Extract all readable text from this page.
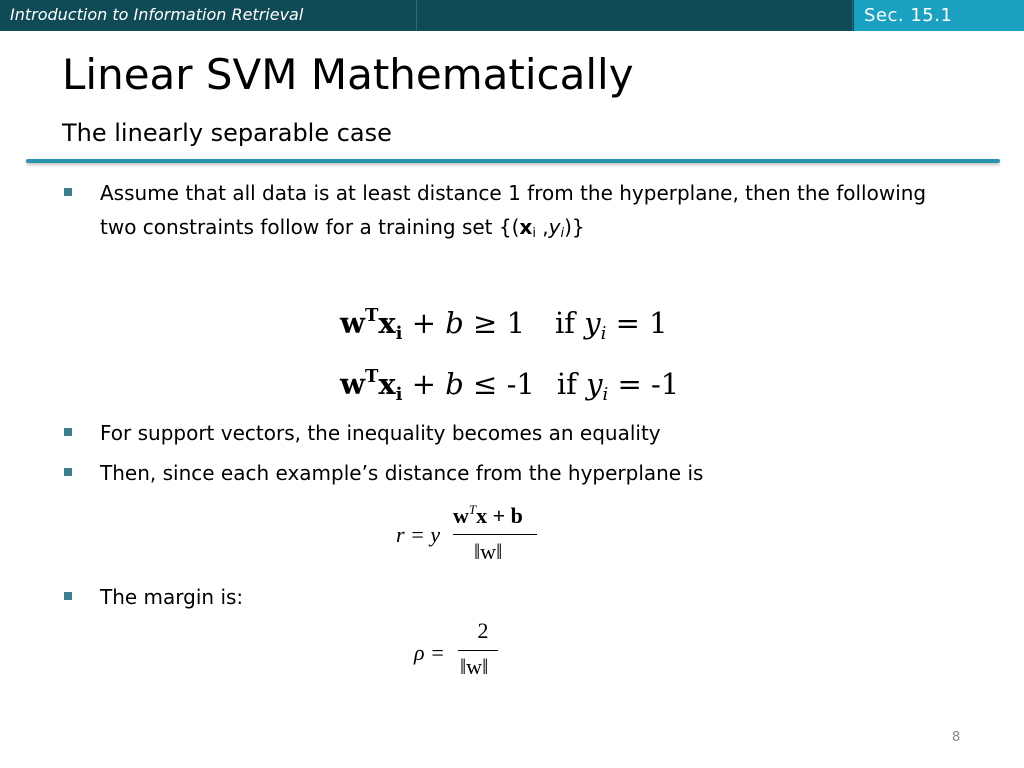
Introduction to Information Retrieval	Sec. 15.1
Linear SVM Mathematically
The linearly separable case
Assume that all data is at least distance 1 from the hyperplane, then the following two constraints follow for a training set {($x_i$ $,y_i$)}
$w^Tx_i + b \ge 1$ if $y_i = 1$
$w^Tx_i + b \le -1$ if $y_i = -1$
For support vectors, the inequality becomes an equality
Then, since each example’s distance from the hyperplane is
r = y
$w^Tx + b$
‖w‖
The margin is:
ρ =
2
‖w‖
8
